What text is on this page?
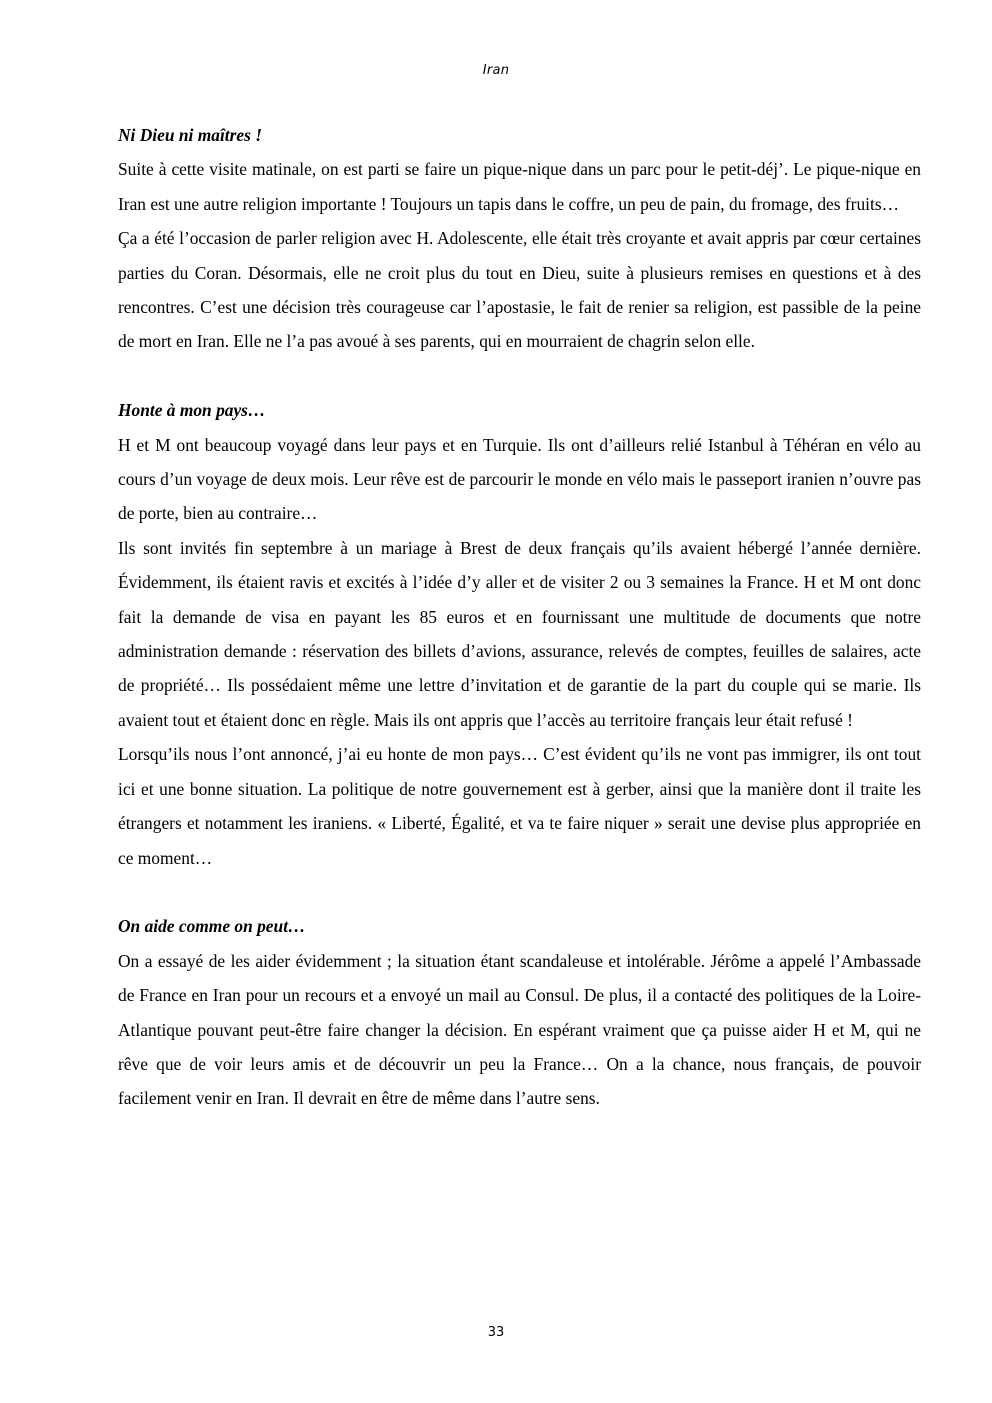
Iran
Ni Dieu ni maîtres !

Suite à cette visite matinale, on est parti se faire un pique-nique dans un parc pour le petit-déj’. Le pique-nique en Iran est une autre religion importante ! Toujours un tapis dans le coffre, un peu de pain, du fromage, des fruits…

Ça a été l’occasion de parler religion avec H. Adolescente, elle était très croyante et avait appris par cœur certaines parties du Coran. Désormais, elle ne croit plus du tout en Dieu, suite à plusieurs remises en questions et à des rencontres. C’est une décision très courageuse car l’apostasie, le fait de renier sa religion, est passible de la peine de mort en Iran. Elle ne l’a pas avoué à ses parents, qui en mourraient de chagrin selon elle.

Honte à mon pays…

H et M ont beaucoup voyagé dans leur pays et en Turquie. Ils ont d’ailleurs relié Istanbul à Téhéran en vélo au cours d’un voyage de deux mois. Leur rêve est de parcourir le monde en vélo mais le passeport iranien n’ouvre pas de porte, bien au contraire…

Ils sont invités fin septembre à un mariage à Brest de deux français qu’ils avaient hébergé l’année dernière. Évidemment, ils étaient ravis et excités à l’idée d’y aller et de visiter 2 ou 3 semaines la France. H et M ont donc fait la demande de visa en payant les 85 euros et en fournissant une multitude de documents que notre administration demande : réservation des billets d’avions, assurance, relevés de comptes, feuilles de salaires, acte de propriété… Ils possédaient même une lettre d’invitation et de garantie de la part du couple qui se marie. Ils avaient tout et étaient donc en règle. Mais ils ont appris que l’accès au territoire français leur était refusé !

Lorsqu’ils nous l’ont annoncé, j’ai eu honte de mon pays… C’est évident qu’ils ne vont pas immigrer, ils ont tout ici et une bonne situation. La politique de notre gouvernement est à gerber, ainsi que la manière dont il traite les étrangers et notamment les iraniens. « Liberté, Égalité, et va te faire niquer » serait une devise plus appropriée en ce moment…

On aide comme on peut…

On a essayé de les aider évidemment ; la situation étant scandaleuse et intolérable. Jérôme a appelé l’Ambassade de France en Iran pour un recours et a envoyé un mail au Consul. De plus, il a contacté des politiques de la Loire-Atlantique pouvant peut-être faire changer la décision. En espérant vraiment que ça puisse aider H et M, qui ne rêve que de voir leurs amis et de découvrir un peu la France… On a la chance, nous français, de pouvoir facilement venir en Iran. Il devrait en être de même dans l’autre sens.

33
